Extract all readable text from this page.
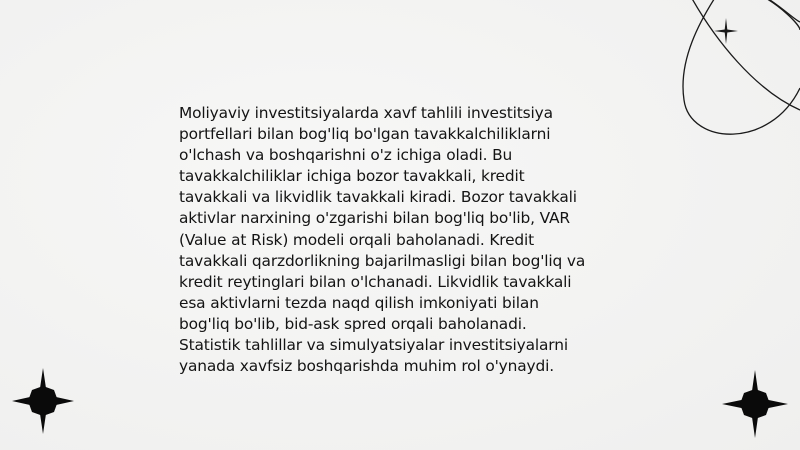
Moliyaviy investitsiyalarda xavf tahlili investitsiya
portfellari bilan bog'liq bo'lgan tavakkalchiliklarni
o'lchash va boshqarishni o'z ichiga oladi. Bu
tavakkalchiliklar ichiga bozor tavakkali, kredit
tavakkali va likvidlik tavakkali kiradi. Bozor tavakkali
aktivlar narxining o'zgarishi bilan bog'liq bo'lib, VAR
(Value at Risk) modeli orqali baholanadi. Kredit
tavakkali qarzdorlikning bajarilmasligi bilan bog'liq va
kredit reytinglari bilan o'lchanadi. Likvidlik tavakkali
esa aktivlarni tezda naqd qilish imkoniyati bilan
bog'liq bo'lib, bid-ask spred orqali baholanadi.
Statistik tahlillar va simulyatsiyalar investitsiyalarni
yanada xavfsiz boshqarishda muhim rol o'ynaydi.
